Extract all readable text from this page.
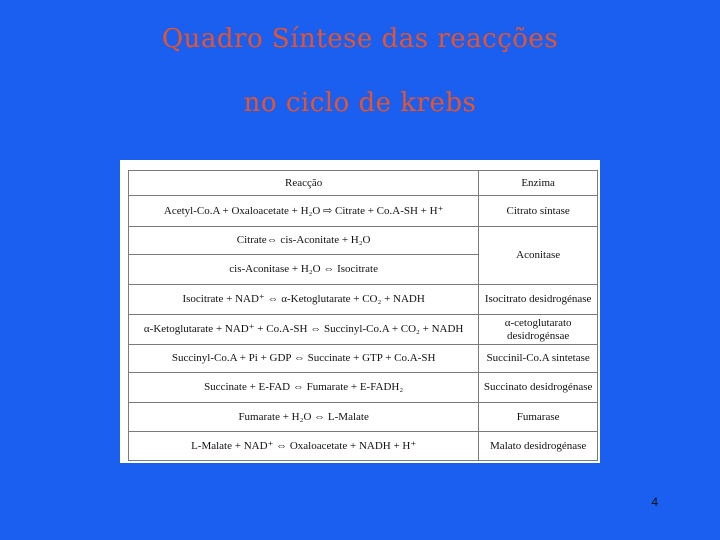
Quadro Síntese das reacções
no ciclo de krebs
Reacção	Enzima
Acetyl-Co.A + Oxaloacetate + H₂O ⇨ Citrate + Co.A-SH + H⁺	Citrato síntase
Citrate⇔ cis-Aconitate + H₂O	Aconitase
cis-Aconitase + H₂O ⇔ Isocitrate	
Isocitrate + NAD⁺ ⇔ α-Ketoglutarate + CO₂ + NADH	Isocitrato desidrogénase
α-Ketoglutarate + NAD⁺ + Co.A-SH ⇔ Succinyl-Co.A + CO₂ + NADH	α-cetoglutarato desidrogénsae
Succinyl-Co.A + Pi + GDP ⇔ Succinate + GTP + Co.A-SH	Succinil-Co.A sintetase
Succinate + E-FAD ⇔ Fumarate + E-FADH₂	Succinato desidrogénase
Fumarate + H₂O ⇔ L-Malate	Fumarase
L-Malate + NAD⁺ ⇔ Oxaloacetate + NADH + H⁺	Malato desidrogénase
4
